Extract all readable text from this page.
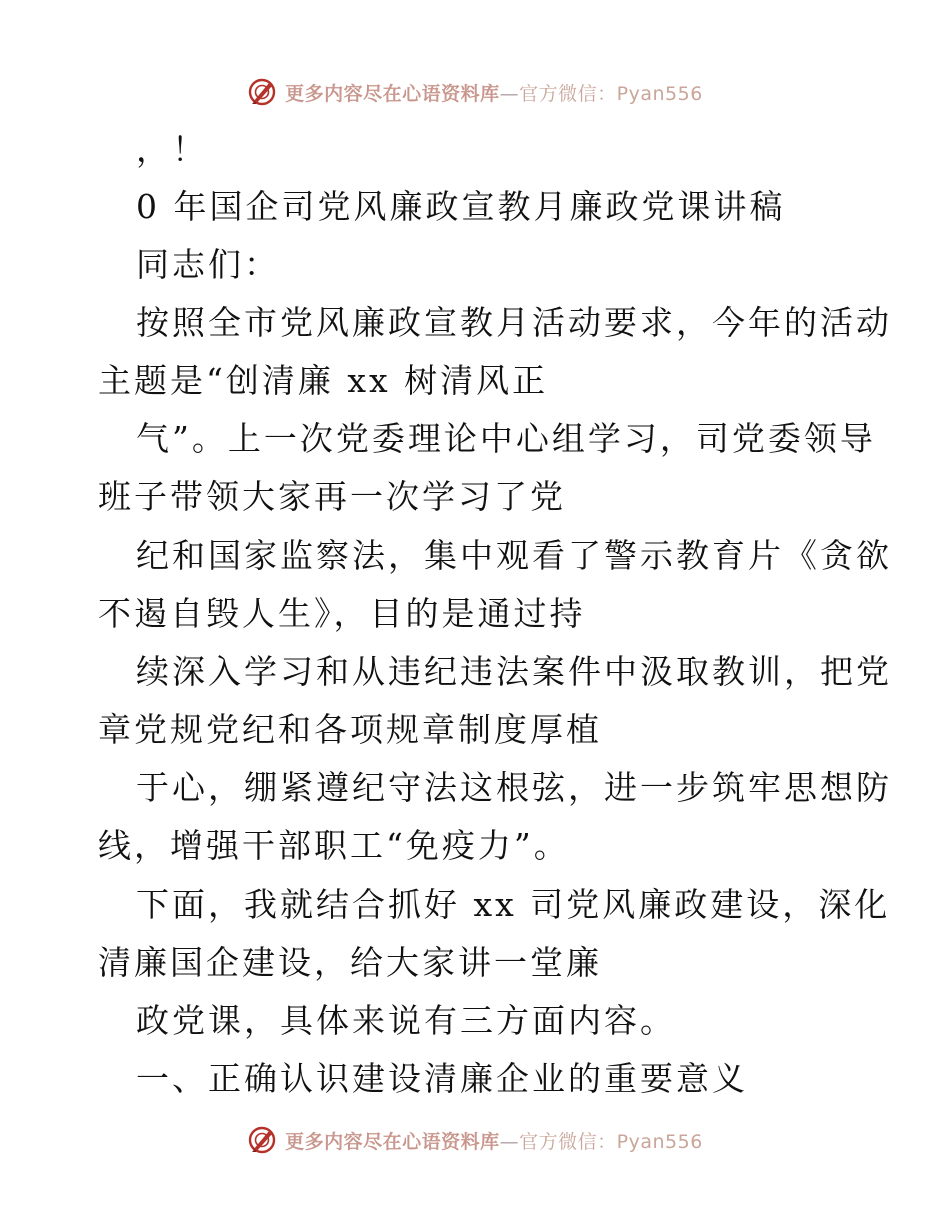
更多内容尽在心语资料库—官方微信：Pyan556
，！
0 年国企司党风廉政宣教月廉政党课讲稿
同志们：
按照全市党风廉政宣教月活动要求，今年的活动
主题是“创清廉 xx 树清风正
气”。上一次党委理论中心组学习，司党委领导
班子带领大家再一次学习了党
纪和国家监察法，集中观看了警示教育片《贪欲
不遏自毁人生》，目的是通过持
续深入学习和从违纪违法案件中汲取教训，把党
章党规党纪和各项规章制度厚植
于心，绷紧遵纪守法这根弦，进一步筑牢思想防
线，增强干部职工“免疫力”。
下面，我就结合抓好 xx 司党风廉政建设，深化
清廉国企建设，给大家讲一堂廉
政党课，具体来说有三方面内容。
一、正确认识建设清廉企业的重要意义
更多内容尽在心语资料库—官方微信：Pyan556
